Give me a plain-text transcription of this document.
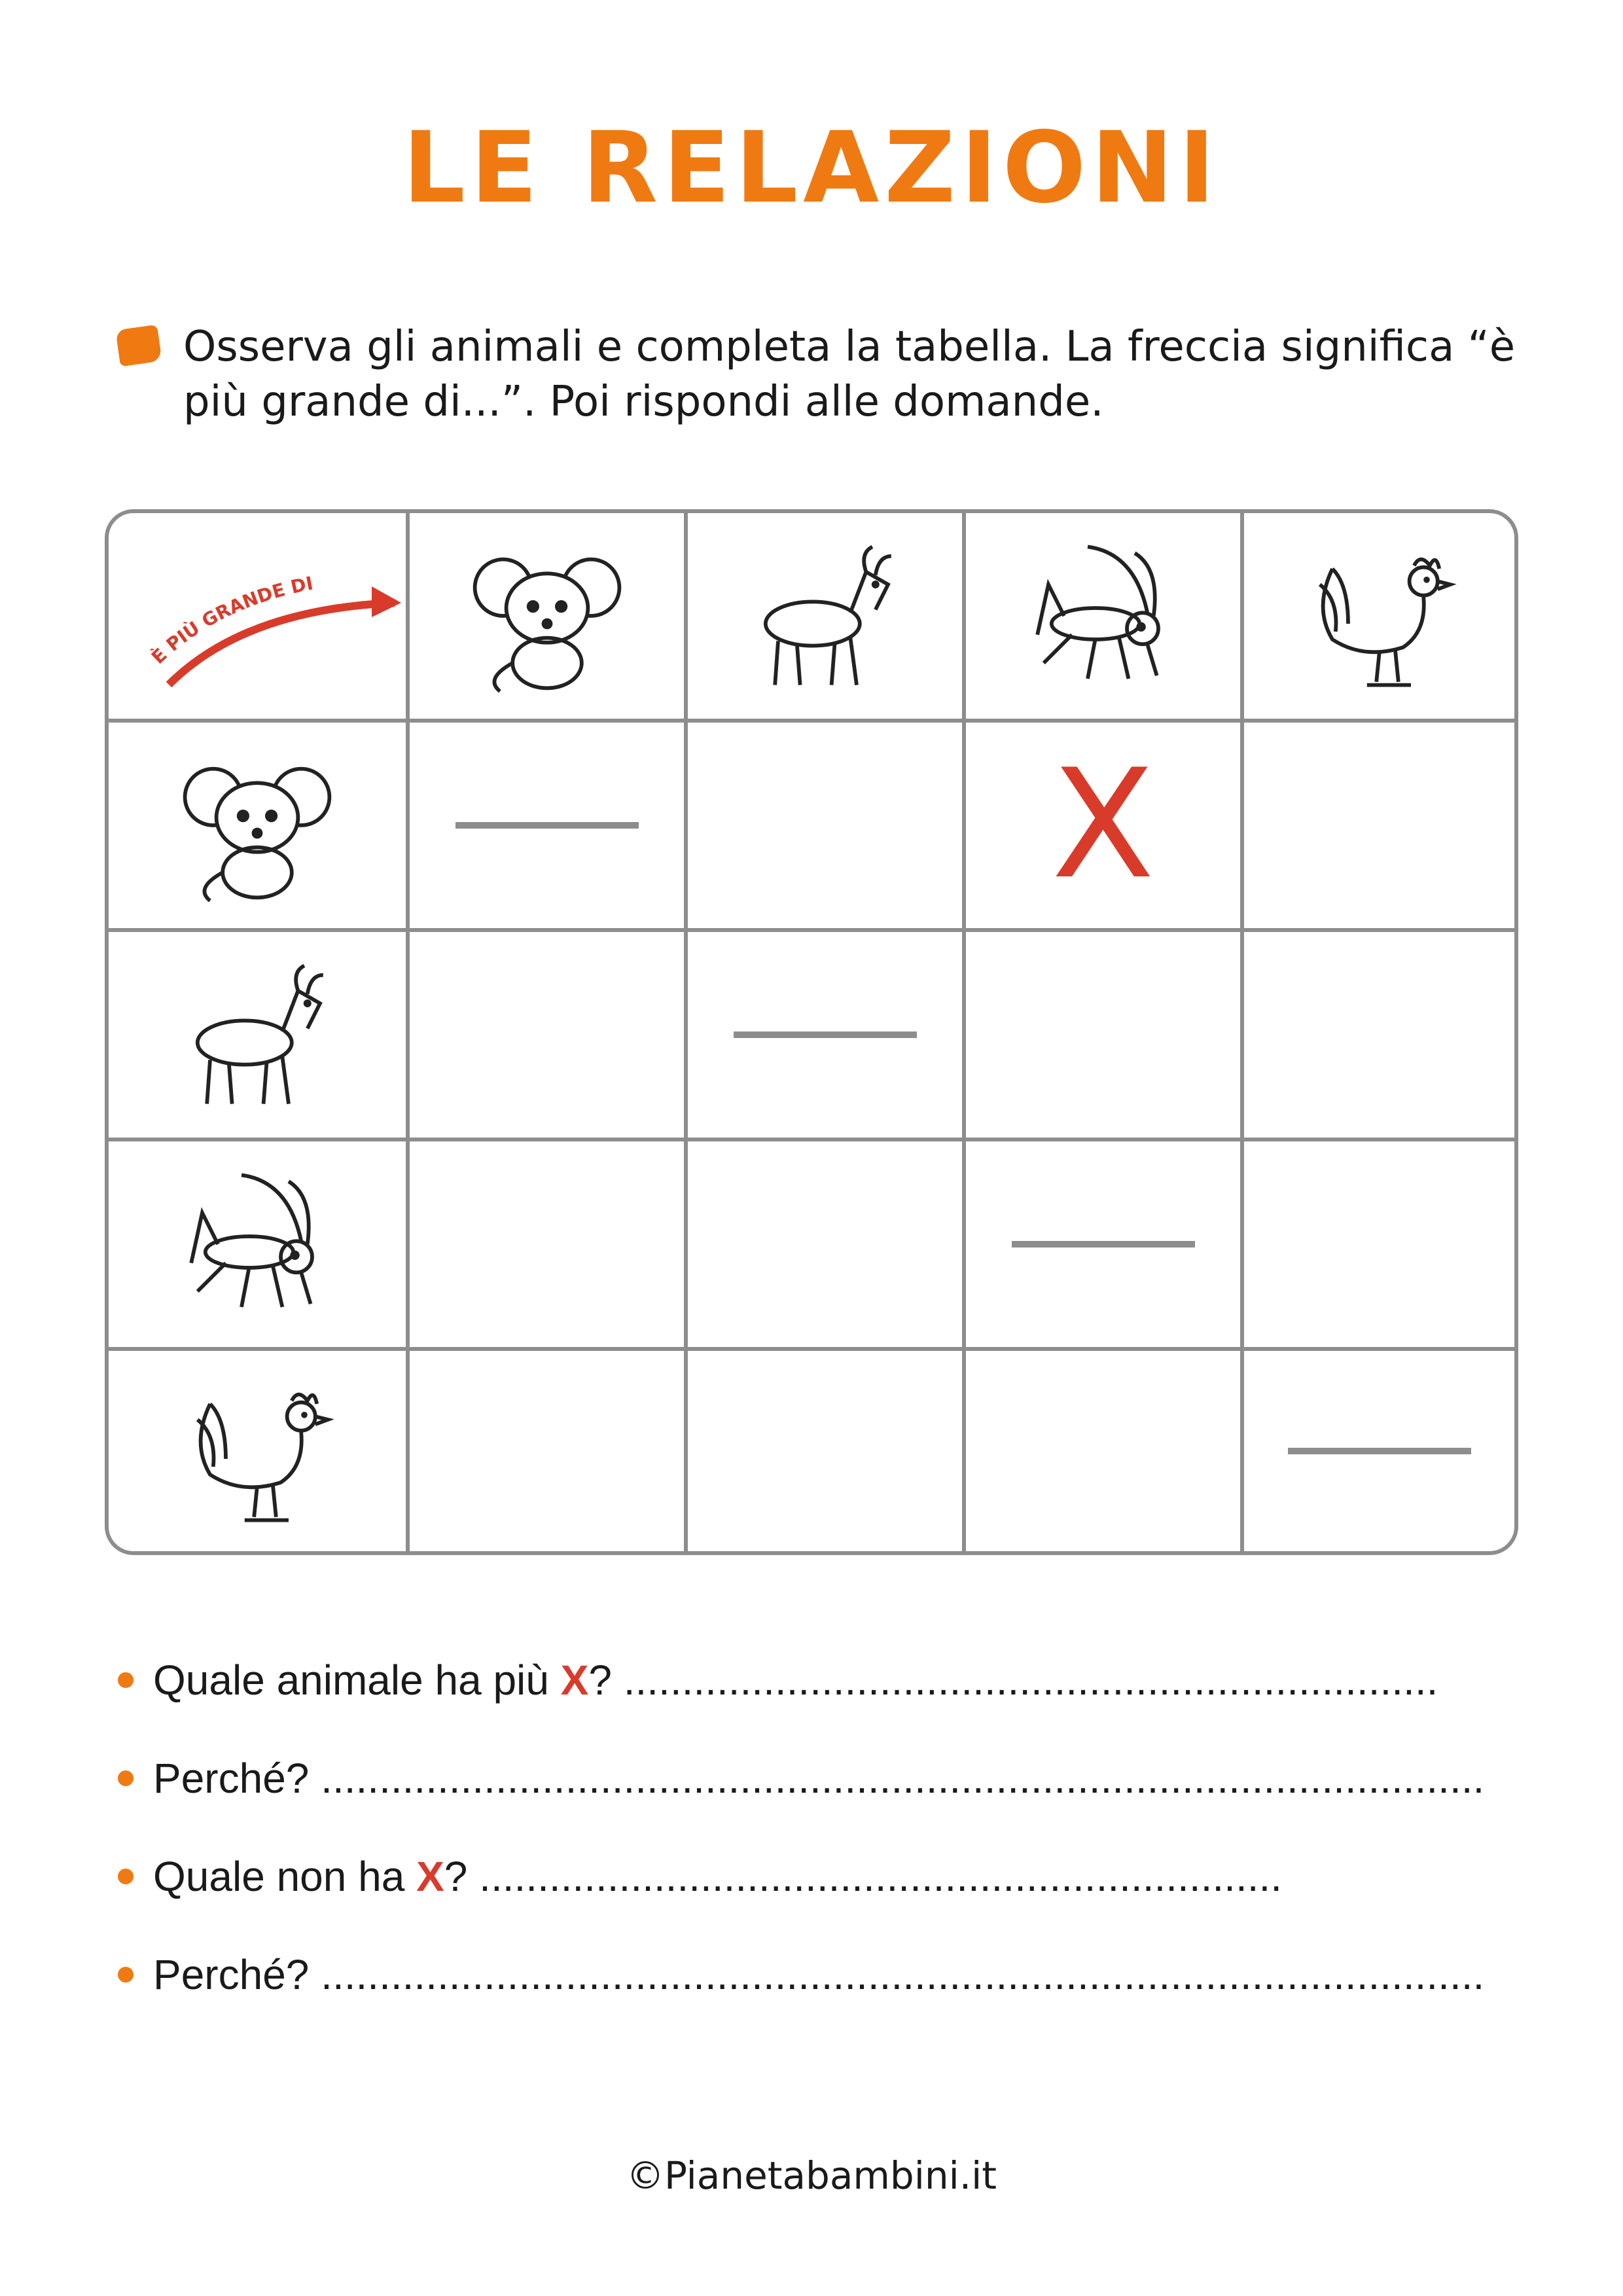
LE RELAZIONI
Osserva gli animali e completa la tabella. La freccia significa “è più grande di...”. Poi rispondi alle domande.
È PIÙ GRANDE DI
X
Quale animale ha più X? ......................................................................
Perché? ....................................................................................................
Quale non ha X? .....................................................................
Perché? ....................................................................................................
©Pianetabambini.it
